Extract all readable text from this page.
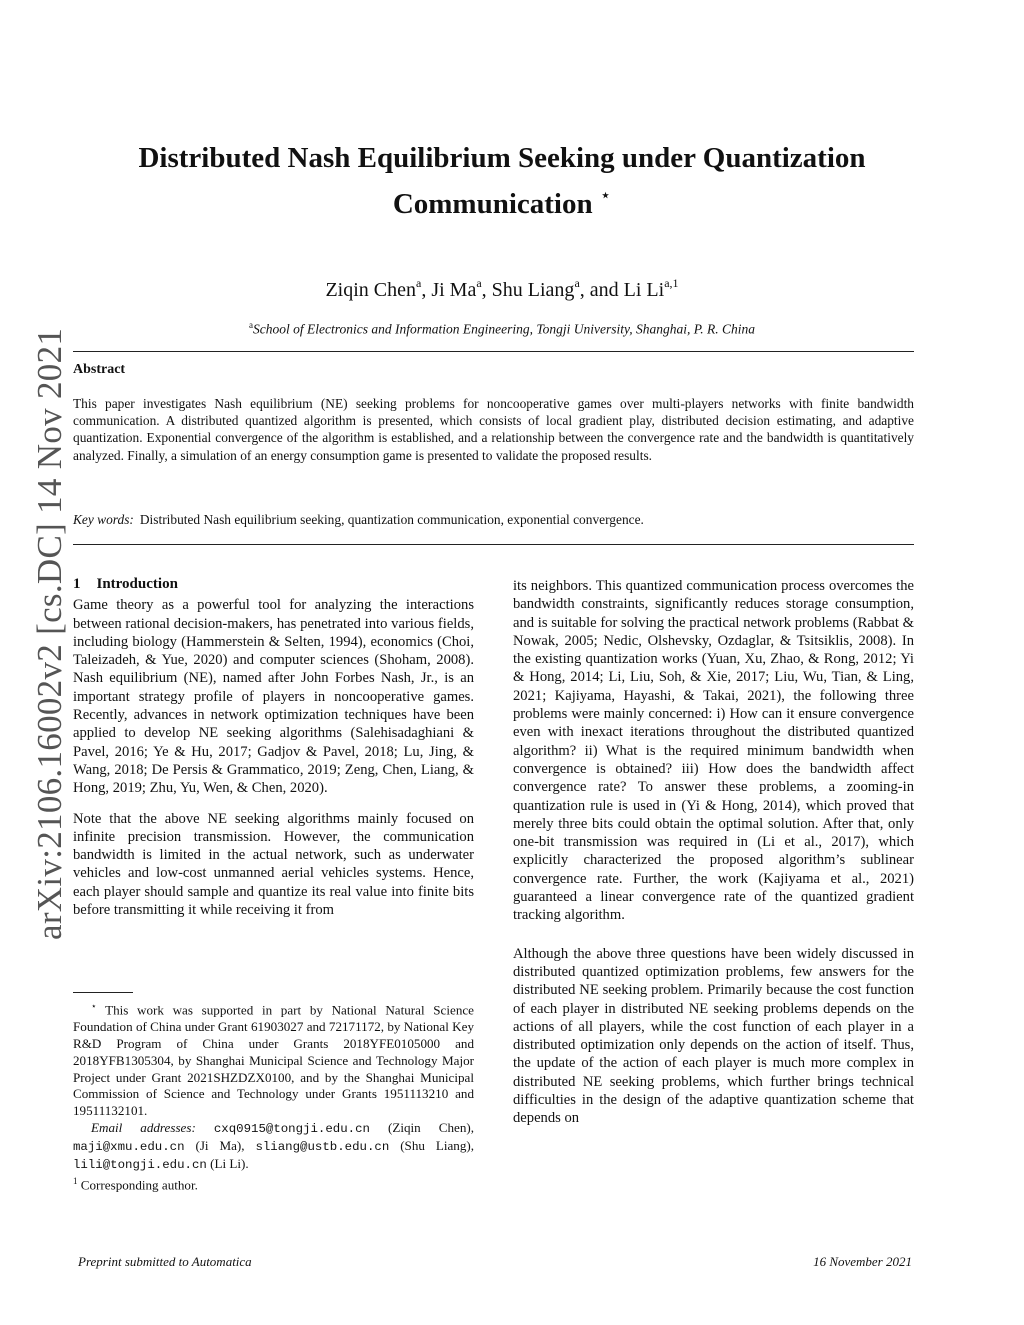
arXiv:2106.16002v2 [cs.DC] 14 Nov 2021
Distributed Nash Equilibrium Seeking under Quantization
Communication ⋆
Ziqin Chen$^a$, Ji Ma$^a$, Shu Liang$^a$, and Li Li$^{a,1}$
$^a$School of Electronics and Information Engineering, Tongji University, Shanghai, P. R. China
Abstract
This paper investigates Nash equilibrium (NE) seeking problems for noncooperative games over multi-players networks with finite bandwidth communication. A distributed quantized algorithm is presented, which consists of local gradient play, distributed decision estimating, and adaptive quantization. Exponential convergence of the algorithm is established, and a relationship between the convergence rate and the bandwidth is quantitatively analyzed. Finally, a simulation of an energy consumption game is presented to validate the proposed results.
Key words: Distributed Nash equilibrium seeking, quantization communication, exponential convergence.
1 Introduction

Game theory as a powerful tool for analyzing the interactions between rational decision-makers, has penetrated into various fields, including biology (Hammerstein & Selten, 1994), economics (Choi, Taleizadeh, & Yue, 2020) and computer sciences (Shoham, 2008). Nash equilibrium (NE), named after John Forbes Nash, Jr., is an important strategy profile of players in noncooperative games. Recently, advances in network optimization techniques have been applied to develop NE seeking algorithms (Salehisadaghiani & Pavel, 2016; Ye & Hu, 2017; Gadjov & Pavel, 2018; Lu, Jing, & Wang, 2018; De Persis & Grammatico, 2019; Zeng, Chen, Liang, & Hong, 2019; Zhu, Yu, Wen, & Chen, 2020).

Note that the above NE seeking algorithms mainly focused on infinite precision transmission. However, the communication bandwidth is limited in the actual network, such as underwater vehicles and low-cost unmanned aerial vehicles systems. Hence, each player should sample and quantize its real value into finite bits before transmitting it while receiving it from

its neighbors. This quantized communication process overcomes the bandwidth constraints, significantly reduces storage consumption, and is suitable for solving the practical network problems (Rabbat & Nowak, 2005; Nedic, Olshevsky, Ozdaglar, & Tsitsiklis, 2008). In the existing quantization works (Yuan, Xu, Zhao, & Rong, 2012; Yi & Hong, 2014; Li, Liu, Soh, & Xie, 2017; Liu, Wu, Tian, & Ling, 2021; Kajiyama, Hayashi, & Takai, 2021), the following three problems were mainly concerned: i) How can it ensure convergence even with inexact iterations throughout the distributed quantized algorithm? ii) What is the required minimum bandwidth when convergence is obtained? iii) How does the bandwidth affect convergence rate? To answer these problems, a zooming-in quantization rule is used in (Yi & Hong, 2014), which proved that merely three bits could obtain the optimal solution. After that, only one-bit transmission was required in (Li et al., 2017), which explicitly characterized the proposed algorithm’s sublinear convergence rate. Further, the work (Kajiyama et al., 2021) guaranteed a linear convergence rate of the quantized gradient tracking algorithm.

Although the above three questions have been widely discussed in distributed quantized optimization problems, few answers for the distributed NE seeking problem. Primarily because the cost function of each player in distributed NE seeking problems depends on the actions of all players, while the cost function of each player in a distributed optimization only depends on the action of itself. Thus, the update of the action of each player is much more complex in distributed NE seeking problems, which further brings technical difficulties in the design of the adaptive quantization scheme that depends on

⋆ This work was supported in part by National Natural Science Foundation of China under Grant 61903027 and 72171172, by National Key R&D Program of China under Grants 2018YFE0105000 and 2018YFB1305304, by Shanghai Municipal Science and Technology Major Project under Grant 2021SHZDZX0100, and by the Shanghai Municipal Commission of Science and Technology under Grants 1951113210 and 19511132101.

Email addresses: cxq0915@tongji.edu.cn (Ziqin Chen), maji@xmu.edu.cn (Ji Ma), sliang@ustb.edu.cn (Shu Liang), lili@tongji.edu.cn (Li Li).

$^1$ Corresponding author.

Preprint submitted to Automatica	16 November 2021
